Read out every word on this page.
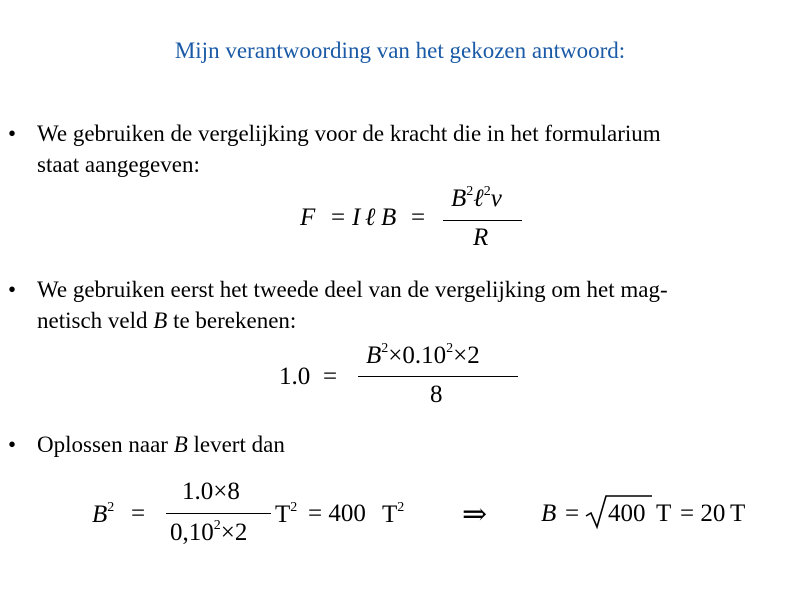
Mijn verantwoording van het gekozen antwoord:
• We gebruiken de vergelijking voor de kracht die in het formularium
staat aangegeven:
F = I ℓ B =
$B^2\ell^2v$
R
• We gebruiken eerst het tweede deel van de vergelijking om het mag-
netisch veld B te berekenen:
1.0 =
$B^2\times 0.10^2\times 2$
8
• Oplossen naar B levert dan
$B^2$ =
1.0×8
$0,10^2\times 2$
$T^2 = 400$ $T^2$ ⇒ B = 400 T = 20 T
